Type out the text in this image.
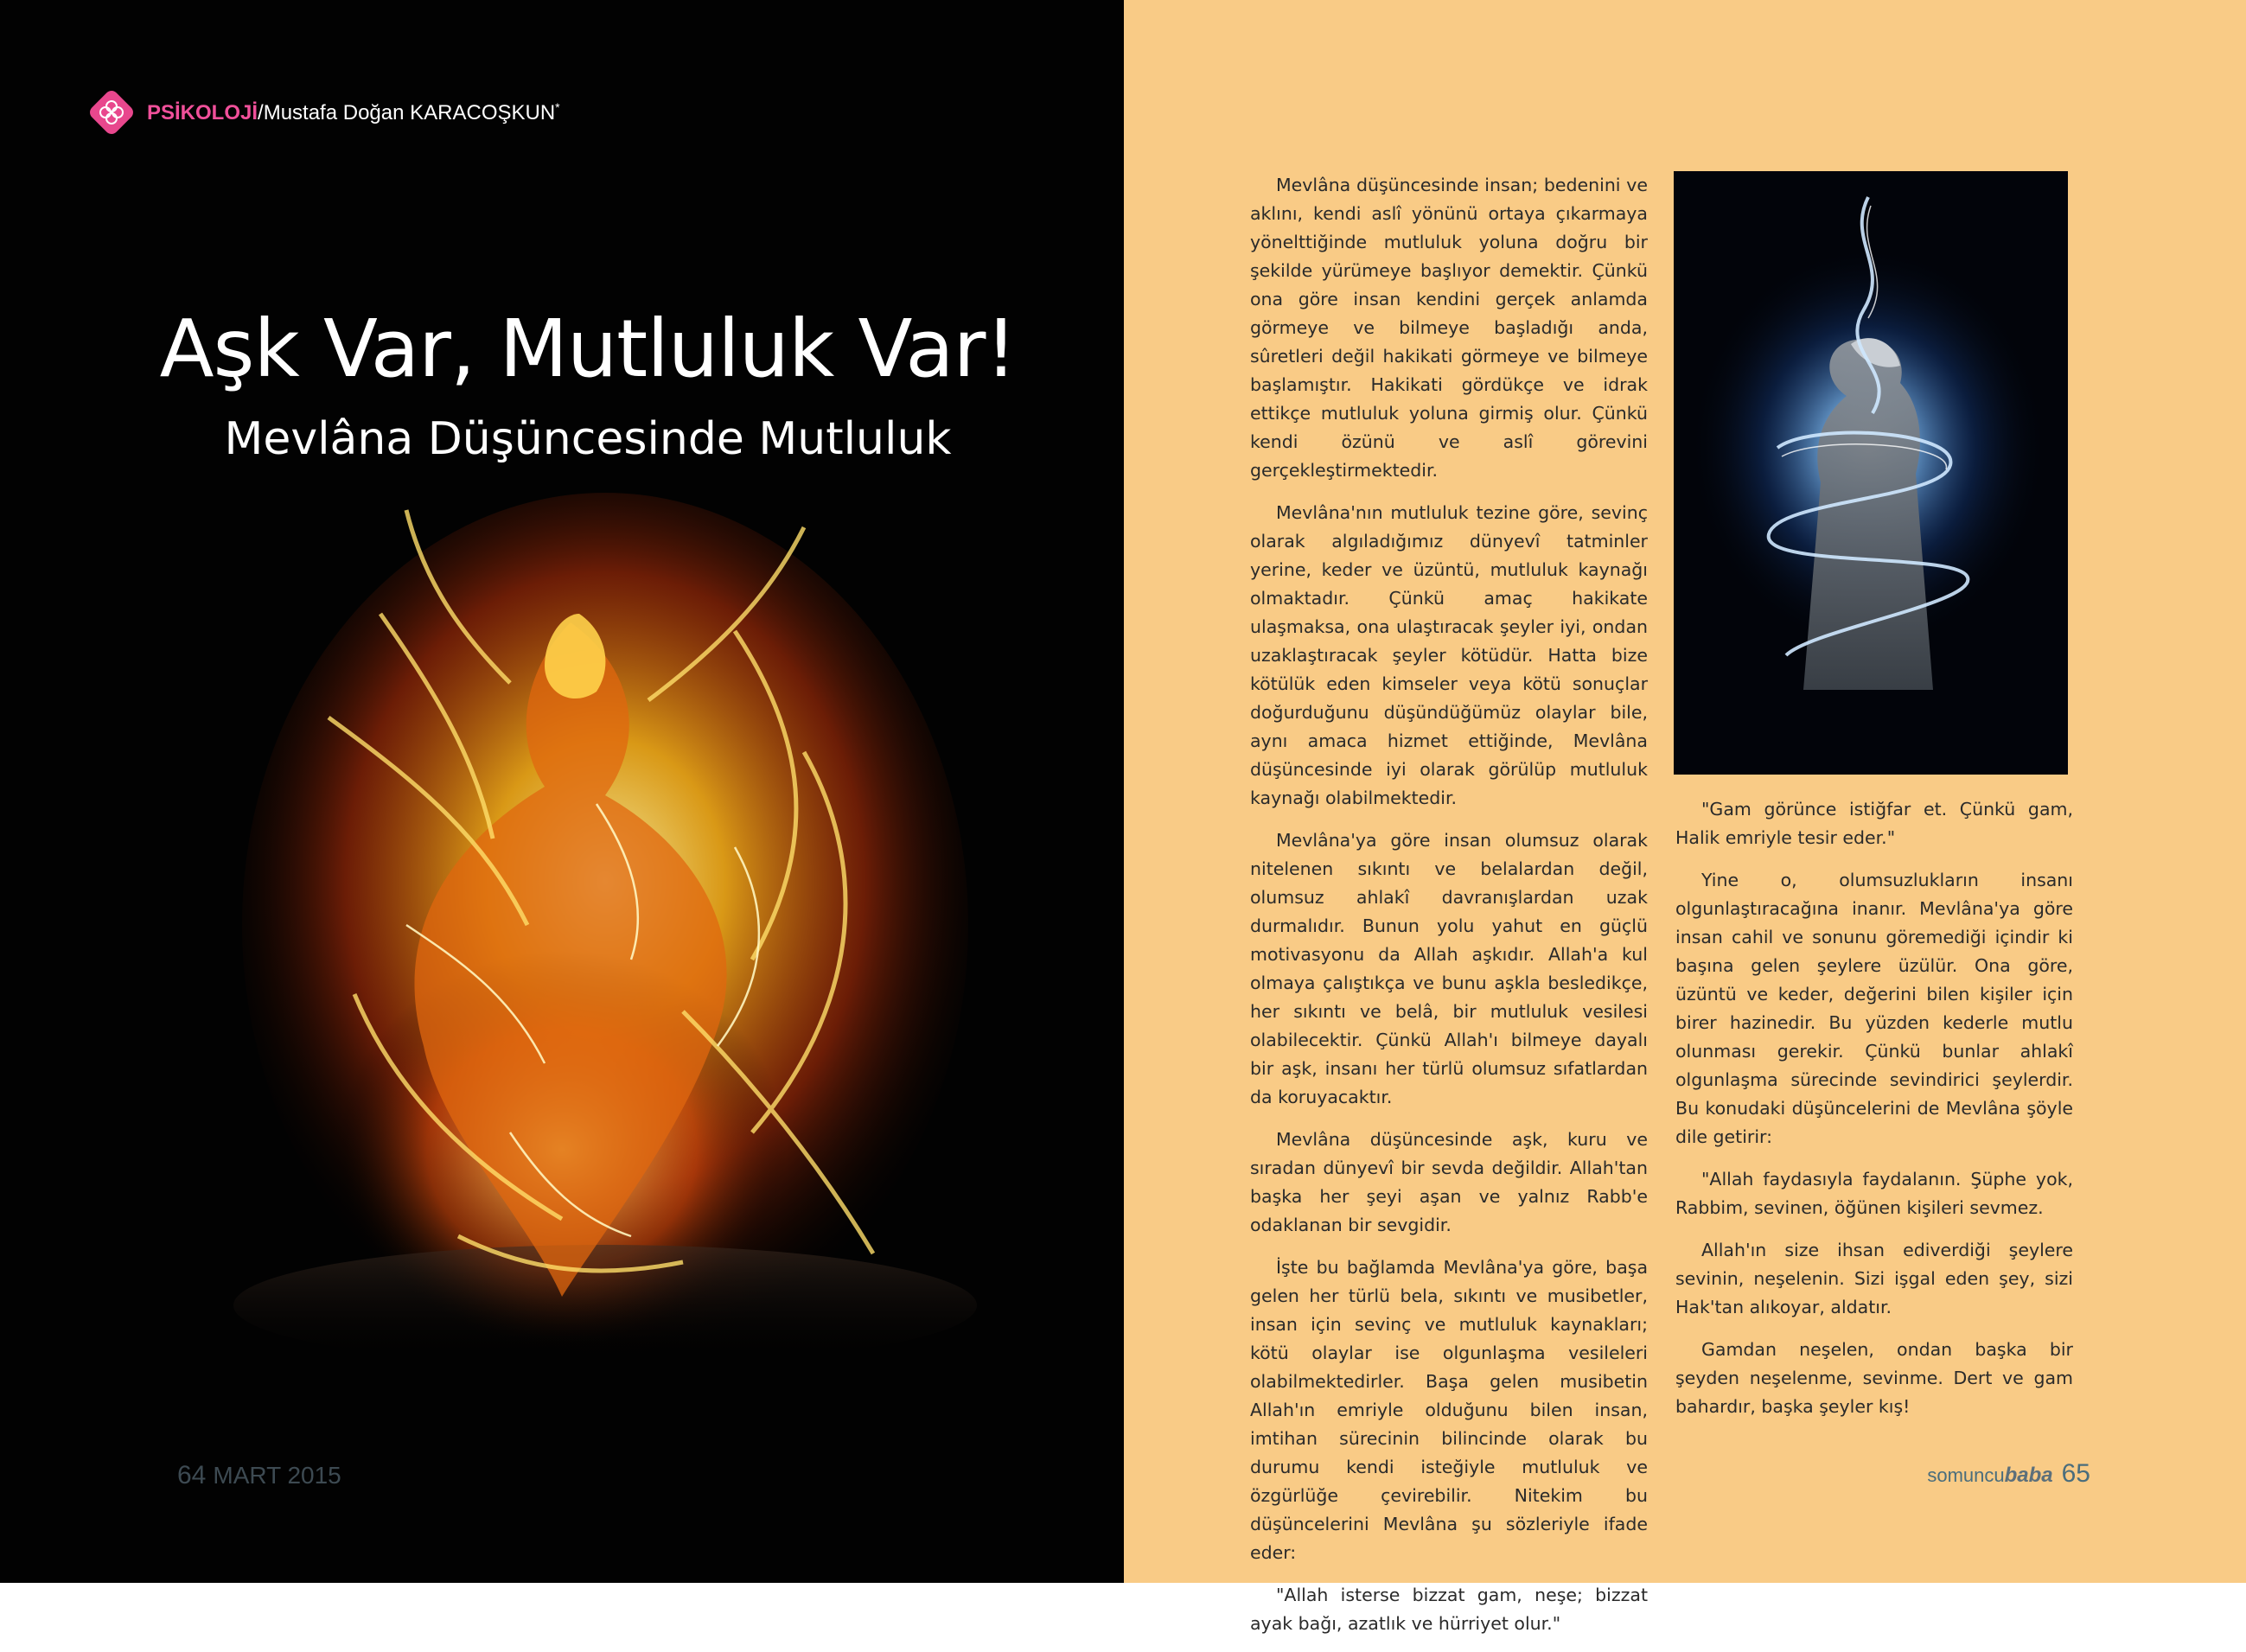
PSİKOLOJİ/Mustafa Doğan KARACOŞKUN*
Aşk Var, Mutluluk Var!
Mevlâna Düşüncesinde Mutluluk
64 MART 2015

Mevlâna düşüncesinde insan; bedenini ve aklını, kendi aslî yönünü ortaya çıkarmaya yönelttiğinde mutluluk yoluna doğru bir şekilde yürümeye başlıyor demektir. Çünkü ona göre insan kendini gerçek anlamda görmeye ve bilmeye başladığı anda, sûretleri değil hakikati görmeye ve bilmeye başlamıştır. Hakikati gördükçe ve idrak ettikçe mutluluk yoluna girmiş olur. Çünkü kendi özünü ve aslî görevini gerçekleştirmektedir.

Mevlâna'nın mutluluk tezine göre, sevinç olarak algıladığımız dünyevî tatminler yerine, keder ve üzüntü, mutluluk kaynağı olmaktadır. Çünkü amaç hakikate ulaşmaksa, ona ulaştıracak şeyler iyi, ondan uzaklaştıracak şeyler kötüdür. Hatta bize kötülük eden kimseler veya kötü sonuçlar doğurduğunu düşündüğümüz olaylar bile, aynı amaca hizmet ettiğinde, Mevlâna düşüncesinde iyi olarak görülüp mutluluk kaynağı olabilmektedir.

Mevlâna'ya göre insan olumsuz olarak nitelenen sıkıntı ve belalardan değil, olumsuz ahlakî davranışlardan uzak durmalıdır. Bunun yolu yahut en güçlü motivasyonu da Allah aşkıdır. Allah'a kul olmaya çalıştıkça ve bunu aşkla besledikçe, her sıkıntı ve belâ, bir mutluluk vesilesi olabilecektir. Çünkü Allah'ı bilmeye dayalı bir aşk, insanı her türlü olumsuz sıfatlardan da koruyacaktır.

Mevlâna düşüncesinde aşk, kuru ve sıradan dünyevî bir sevda değildir. Allah'tan başka her şeyi aşan ve yalnız Rabb'e odaklanan bir sevgidir.

İşte bu bağlamda Mevlâna'ya göre, başa gelen her türlü bela, sıkıntı ve musibetler, insan için sevinç ve mutluluk kaynakları; kötü olaylar ise olgunlaşma vesileleri olabilmektedirler. Başa gelen musibetin Allah'ın emriyle olduğunu bilen insan, imtihan sürecinin bilincinde olarak bu durumu kendi isteğiyle mutluluk ve özgürlüğe çevirebilir. Nitekim bu düşüncelerini Mevlâna şu sözleriyle ifade eder:

"Allah isterse bizzat gam, neşe; bizzat ayak bağı, azatlık ve hürriyet olur."

"Gam görünce istiğfar et. Çünkü gam, Halik emriyle tesir eder."

Yine o, olumsuzlukların insanı olgunlaştıracağına inanır. Mevlâna'ya göre insan cahil ve sonunu göremediği içindir ki başına gelen şeylere üzülür. Ona göre, üzüntü ve keder, değerini bilen kişiler için birer hazinedir. Bu yüzden kederle mutlu olunması gerekir. Çünkü bunlar ahlakî olgunlaşma sürecinde sevindirici şeylerdir. Bu konudaki düşüncelerini de Mevlâna şöyle dile getirir:

"Allah faydasıyla faydalanın. Şüphe yok, Rabbim, sevinen, öğünen kişileri sevmez.

Allah'ın size ihsan ediverdiği şeylere sevinin, neşelenin. Sizi işgal eden şey, sizi Hak'tan alıkoyar, aldatır.

Gamdan neşelen, ondan başka bir şeyden neşelenme, sevinme. Dert ve gam bahardır, başka şeyler kış!

somuncubaba 65
